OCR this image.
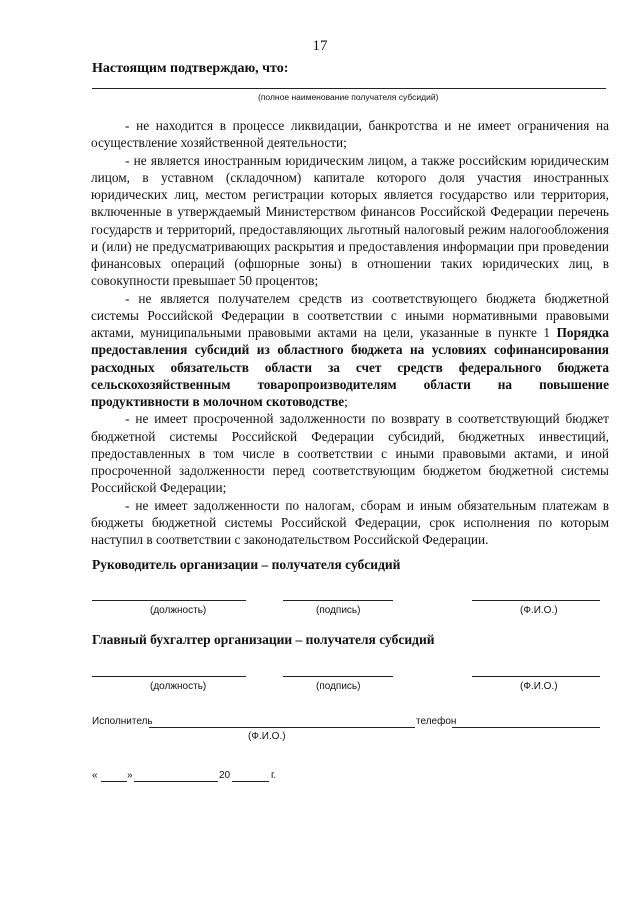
17
Настоящим подтверждаю, что:
(полное наименование получателя субсидий)

- не находится в процессе ликвидации, банкротства и не имеет ограничения на осуществление хозяйственной деятельности;

- не является иностранным юридическим лицом, а также российским юридическим лицом, в уставном (складочном) капитале которого доля участия иностранных юридических лиц, местом регистрации которых является государство или территория, включенные в утверждаемый Министерством финансов Российской Федерации перечень государств и территорий, предоставляющих льготный налоговый режим налогообложения и (или) не предусматривающих раскрытия и предоставления информации при проведении финансовых операций (офшорные зоны) в отношении таких юридических лиц, в совокупности превышает 50 процентов;

- не является получателем средств из соответствующего бюджета бюджетной системы Российской Федерации в соответствии с иными нормативными правовыми актами, муниципальными правовыми актами на цели, указанные в пункте 1 Порядка предоставления субсидий из областного бюджета на условиях софинансирования расходных обязательств области за счет средств федерального бюджета сельскохозяйственным товаропроизводителям области на повышение продуктивности в молочном скотоводстве;

- не имеет просроченной задолженности по возврату в соответствующий бюджет бюджетной системы Российской Федерации субсидий, бюджетных инвестиций, предоставленных в том числе в соответствии с иными правовыми актами, и иной просроченной задолженности перед соответствующим бюджетом бюджетной системы Российской Федерации;

- не имеет задолженности по налогам, сборам и иным обязательным платежам в бюджеты бюджетной системы Российской Федерации, срок исполнения по которым наступил в соответствии с законодательством Российской Федерации.

Руководитель организации – получателя субсидий
(должность)	(подпись)	(Ф.И.О.)
Главный бухгалтер организации – получателя субсидий
(должность)	(подпись)	(Ф.И.О.)
Исполнитель	телефон
(Ф.И.О.)
«	»	20	г.
